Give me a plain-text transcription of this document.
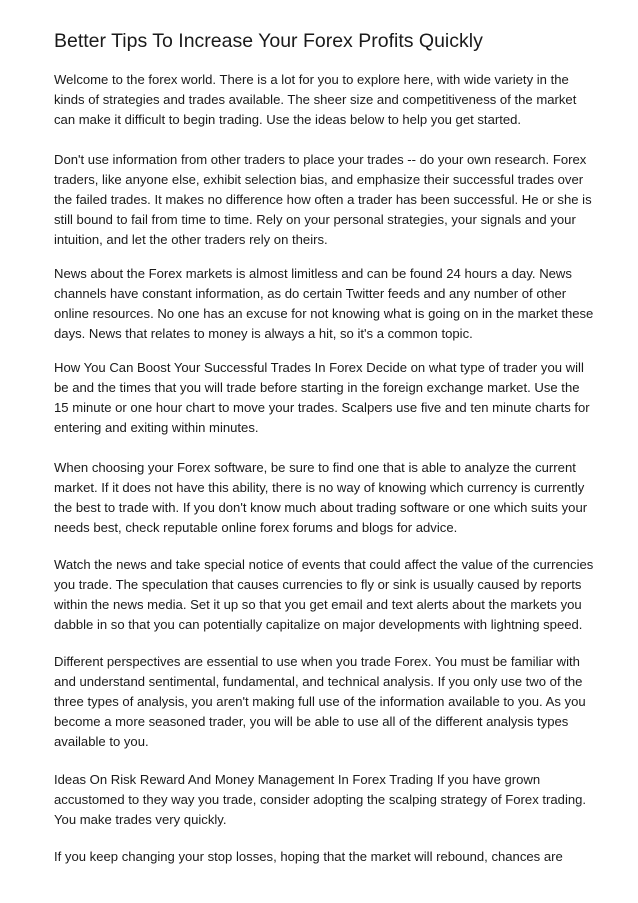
Better Tips To Increase Your Forex Profits Quickly

Welcome to the forex world. There is a lot for you to explore here, with wide variety in the
kinds of strategies and trades available. The sheer size and competitiveness of the market
can make it difficult to begin trading. Use the ideas below to help you get started.

Don't use information from other traders to place your trades -- do your own research. Forex
traders, like anyone else, exhibit selection bias, and emphasize their successful trades over
the failed trades. It makes no difference how often a trader has been successful. He or she is
still bound to fail from time to time. Rely on your personal strategies, your signals and your
intuition, and let the other traders rely on theirs.

News about the Forex markets is almost limitless and can be found 24 hours a day. News
channels have constant information, as do certain Twitter feeds and any number of other
online resources. No one has an excuse for not knowing what is going on in the market these
days. News that relates to money is always a hit, so it's a common topic.

How You Can Boost Your Successful Trades In Forex Decide on what type of trader you will
be and the times that you will trade before starting in the foreign exchange market. Use the
15 minute or one hour chart to move your trades. Scalpers use five and ten minute charts for
entering and exiting within minutes.

When choosing your Forex software, be sure to find one that is able to analyze the current
market. If it does not have this ability, there is no way of knowing which currency is currently
the best to trade with. If you don't know much about trading software or one which suits your
needs best, check reputable online forex forums and blogs for advice.

Watch the news and take special notice of events that could affect the value of the currencies
you trade. The speculation that causes currencies to fly or sink is usually caused by reports
within the news media. Set it up so that you get email and text alerts about the markets you
dabble in so that you can potentially capitalize on major developments with lightning speed.

Different perspectives are essential to use when you trade Forex. You must be familiar with
and understand sentimental, fundamental, and technical analysis. If you only use two of the
three types of analysis, you aren't making full use of the information available to you. As you
become a more seasoned trader, you will be able to use all of the different analysis types
available to you.

Ideas On Risk Reward And Money Management In Forex Trading If you have grown
accustomed to they way you trade, consider adopting the scalping strategy of Forex trading.
You make trades very quickly.

If you keep changing your stop losses, hoping that the market will rebound, chances are
